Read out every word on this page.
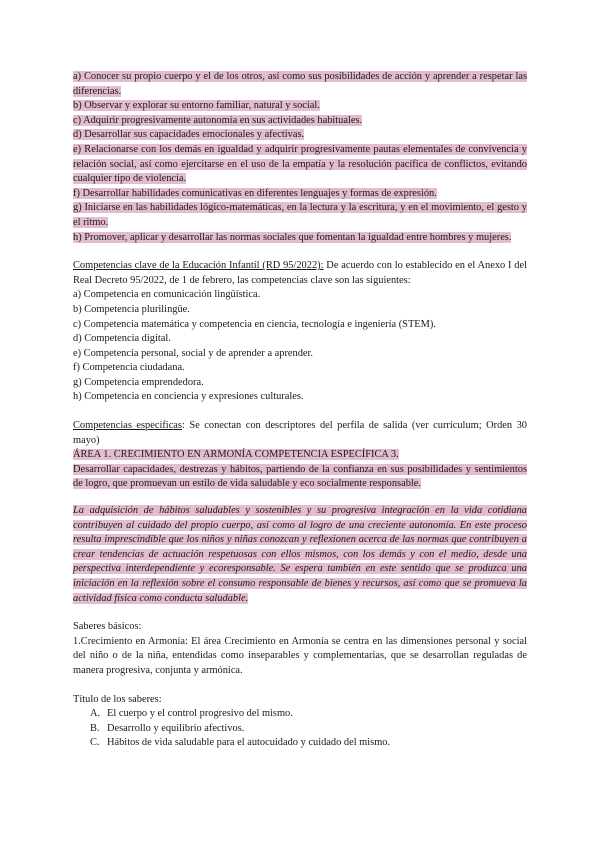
a) Conocer su propio cuerpo y el de los otros, así como sus posibilidades de acción y aprender a respetar las diferencias.

b) Observar y explorar su entorno familiar, natural y social.

c) Adquirir progresivamente autonomía en sus actividades habituales.

d) Desarrollar sus capacidades emocionales y afectivas.

e) Relacionarse con los demás en igualdad y adquirir progresivamente pautas elementales de convivencia y relación social, así como ejercitarse en el uso de la empatía y la resolución pacífica de conflictos, evitando cualquier tipo de violencia.

f) Desarrollar habilidades comunicativas en diferentes lenguajes y formas de expresión.

g) Iniciarse en las habilidades lógico-matemáticas, en la lectura y la escritura, y en el movimiento, el gesto y el ritmo.

h) Promover, aplicar y desarrollar las normas sociales que fomentan la igualdad entre hombres y mujeres.

Competencias clave de la Educación Infantil (RD 95/2022): De acuerdo con lo establecido en el Anexo I del Real Decreto 95/2022, de 1 de febrero, las competencias clave son las siguientes:

a) Competencia en comunicación lingüística.

b) Competencia plurilingüe.

c) Competencia matemática y competencia en ciencia, tecnología e ingeniería (STEM).

d) Competencia digital.

e) Competencia personal, social y de aprender a aprender.

f) Competencia ciudadana.

g) Competencia emprendedora.

h) Competencia en conciencia y expresiones culturales.

Competencias específicas: Se conectan con descriptores del perfila de salida (ver currículum; Orden 30 mayo)

ÁREA 1. CRECIMIENTO EN ARMONÍA COMPETENCIA ESPECÍFICA 3.

Desarrollar capacidades, destrezas y hábitos, partiendo de la confianza en sus posibilidades y sentimientos de logro, que promuevan un estilo de vida saludable y eco socialmente responsable.

La adquisición de hábitos saludables y sostenibles y su progresiva integración en la vida cotidiana contribuyen al cuidado del propio cuerpo, así como al logro de una creciente autonomía. En este proceso resulta imprescindible que los niños y niñas conozcan y reflexionen acerca de las normas que contribuyen a crear tendencias de actuación respetuosas con ellos mismos, con los demás y con el medio, desde una perspectiva interdependiente y ecoresponsable. Se espera también en este sentido que se produzca una iniciación en la reflexión sobre el consumo responsable de bienes y recursos, así como que se promueva la actividad física como conducta saludable.

Saberes básicos:

1.Crecimiento en Armonía: El área Crecimiento en Armonía se centra en las dimensiones personal y social del niño o de la niña, entendidas como inseparables y complementarias, que se desarrollan reguladas de manera progresiva, conjunta y armónica.

Título de los saberes:

A. El cuerpo y el control progresivo del mismo.

B. Desarrollo y equilibrio afectivos.

C. Hábitos de vida saludable para el autocuidado y cuidado del mismo.
